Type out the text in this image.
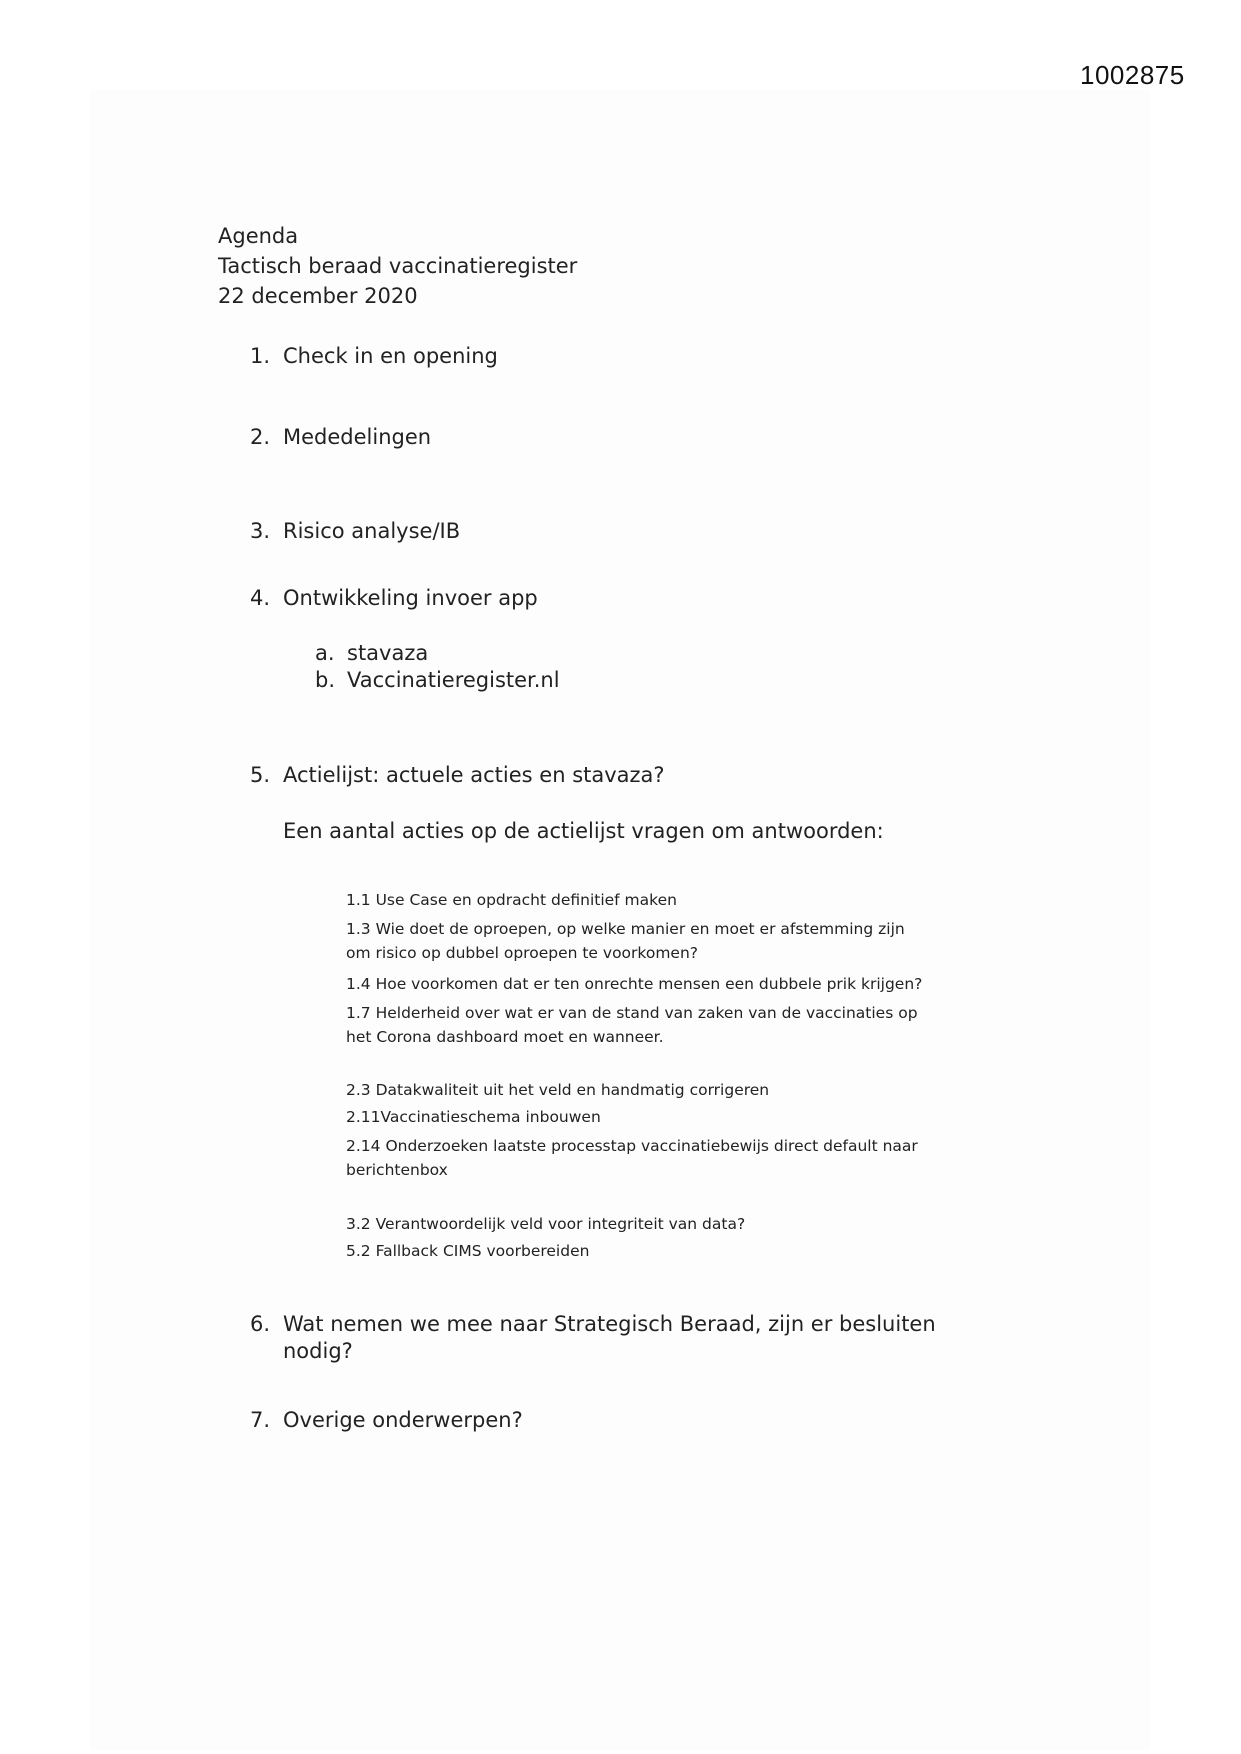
1002875
Agenda
Tactisch beraad vaccinatieregister
22 december 2020
1. Check in en opening
2. Mededelingen
3. Risico analyse/IB
4. Ontwikkeling invoer app
a. stavaza
b. Vaccinatieregister.nl
5. Actielijst: actuele acties en stavaza?
Een aantal acties op de actielijst vragen om antwoorden:
1.1 Use Case en opdracht definitief maken
1.3 Wie doet de oproepen, op welke manier en moet er afstemming zijn
om risico op dubbel oproepen te voorkomen?
1.4 Hoe voorkomen dat er ten onrechte mensen een dubbele prik krijgen?
1.7 Helderheid over wat er van de stand van zaken van de vaccinaties op
het Corona dashboard moet en wanneer.
2.3 Datakwaliteit uit het veld en handmatig corrigeren
2.11Vaccinatieschema inbouwen
2.14 Onderzoeken laatste processtap vaccinatiebewijs direct default naar
berichtenbox
3.2 Verantwoordelijk veld voor integriteit van data?
5.2 Fallback CIMS voorbereiden
6. Wat nemen we mee naar Strategisch Beraad, zijn er besluiten
nodig?
7. Overige onderwerpen?
